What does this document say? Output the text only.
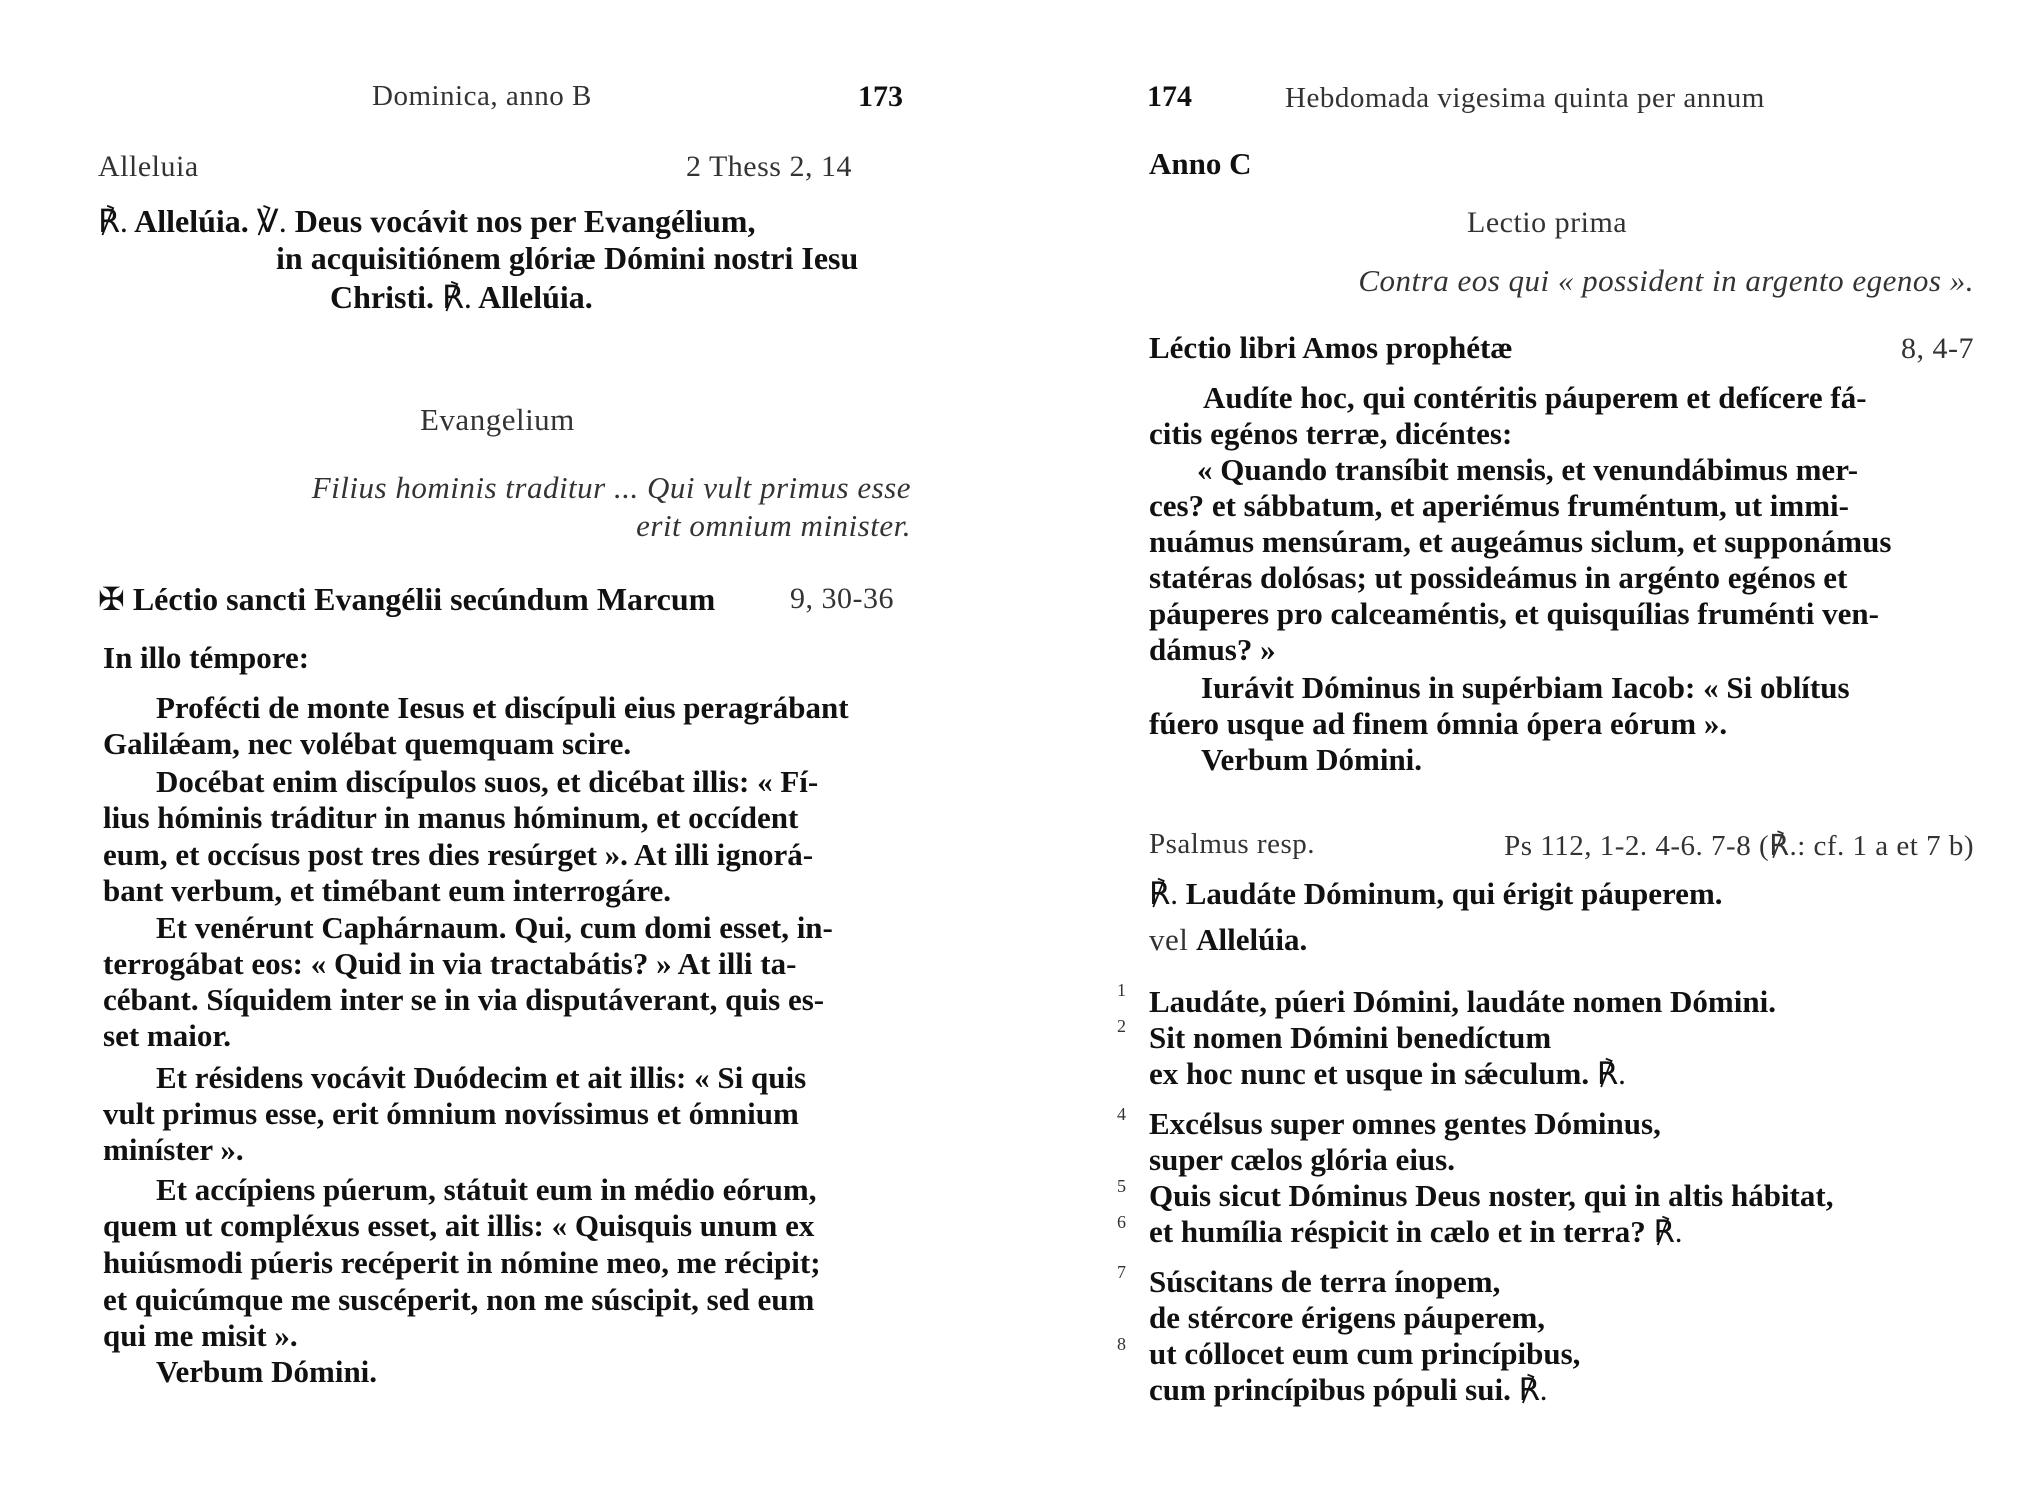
Dominica, anno B	173
Alleluia	2 Thess 2, 14
℟. Allelúia. ℣. Deus vocávit nos per Evangélium,
in acquisitiónem glóriæ Dómini nostri Iesu
Christi. ℟. Allelúia.
Evangelium
Filius hominis traditur ... Qui vult primus esse
erit omnium minister.
✠ Léctio sancti Evangélii secúndum Marcum 9, 30-36
In illo témpore:
Profécti de monte Iesus et discípuli eius peragrábant
Galilǽam, nec volébat quemquam scire.
Docébat enim discípulos suos, et dicébat illis: « Fí-
lius hóminis tráditur in manus hóminum, et occídent
eum, et occísus post tres dies resúrget ». At illi ignorá-
bant verbum, et timébant eum interrogáre.
Et venérunt Caphárnaum. Qui, cum domi esset, in-
terrogábat eos: « Quid in via tractabátis? » At illi ta-
cébant. Síquidem inter se in via disputáverant, quis es-
set maior.
Et résidens vocávit Duódecim et ait illis: « Si quis
vult primus esse, erit ómnium novíssimus et ómnium
miníster ».
Et accípiens púerum, státuit eum in médio eórum,
quem ut compléxus esset, ait illis: « Quisquis unum ex
huiúsmodi púeris recéperit in nómine meo, me récipit;
et quicúmque me suscéperit, non me súscipit, sed eum
qui me misit ».
Verbum Dómini.
174	Hebdomada vigesima quinta per annum
Anno C
Lectio prima
Contra eos qui « possident in argento egenos ».
Léctio libri Amos prophétæ	8, 4-7
Audíte hoc, qui contéritis páuperem et defícere fá-
citis egénos terræ, dicéntes:
« Quando transíbit mensis, et venundábimus mer-
ces? et sábbatum, et aperiémus fruméntum, ut immi-
nuámus mensúram, et augeámus siclum, et supponámus
statéras dolósas; ut possideámus in argénto egénos et
páuperes pro calceaméntis, et quisquílias fruménti ven-
dámus? »
Iurávit Dóminus in supérbiam Iacob: « Si oblítus
fúero usque ad finem ómnia ópera eórum ».
Verbum Dómini.
Psalmus resp.	Ps 112, 1-2. 4-6. 7-8 (℟.: cf. 1 a et 7 b)
℟. Laudáte Dóminum, qui érigit páuperem.
vel Allelúia.
1 Laudáte, púeri Dómini, laudáte nomen Dómini.
2 Sit nomen Dómini benedíctum
ex hoc nunc et usque in sǽculum. ℟.
4 Excélsus super omnes gentes Dóminus,
super cælos glória eius.
5 Quis sicut Dóminus Deus noster, qui in altis hábitat,
6 et humília réspicit in cælo et in terra? ℟.
7 Súscitans de terra ínopem,
de stércore érigens páuperem,
8 ut cóllocet eum cum princípibus,
cum princípibus pópuli sui. ℟.
